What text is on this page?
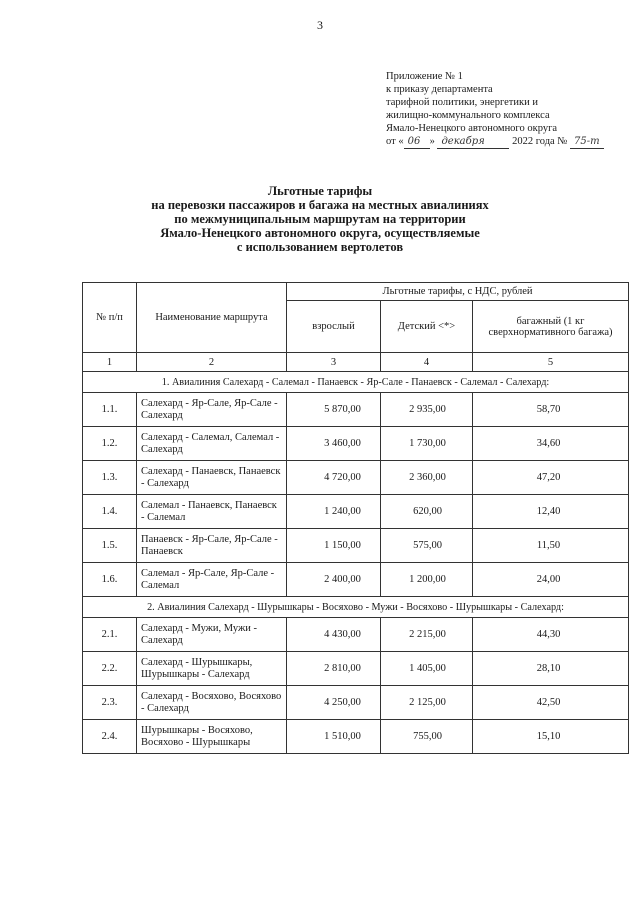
3
Приложение № 1
к приказу департамента
тарифной политики, энергетики и
жилищно-коммунального комплекса
Ямало-Ненецкого автономного округа
от « 06 » декабря	2022 года № 75-т
Льготные тарифы
на перевозки пассажиров и багажа на местных авиалиниях
по межмуниципальным маршрутам на территории
Ямало-Ненецкого автономного округа, осуществляемые
с использованием вертолетов
№ п/п	Наименование маршрута	Льготные тарифы, с НДС, рублей		
		взрослый	Детский <*>	багажный (1 кг сверхнормативного багажа)
1	2	3	4	5
1. Авиалиния Салехард - Салемал - Панаевск - Яр-Сале - Панаевск - Салемал - Салехард:				
1.1.	Салехард - Яр-Сале, Яр-Сале - Салехард	5 870,00	2 935,00	58,70
1.2.	Салехард - Салемал, Салемал - Салехард	3 460,00	1 730,00	34,60
1.3.	Салехард - Панаевск, Панаевск - Салехард	4 720,00	2 360,00	47,20
1.4.	Салемал - Панаевск, Панаевск - Салемал	1 240,00	620,00	12,40
1.5.	Панаевск - Яр-Сале, Яр-Сале - Панаевск	1 150,00	575,00	11,50
1.6.	Салемал - Яр-Сале, Яр-Сале - Салемал	2 400,00	1 200,00	24,00
2. Авиалиния Салехард - Шурышкары - Восяхово - Мужи - Восяхово - Шурышкары - Салехард:				
2.1.	Салехард - Мужи, Мужи - Салехард	4 430,00	2 215,00	44,30
2.2.	Салехард - Шурышкары, Шурышкары - Салехард	2 810,00	1 405,00	28,10
2.3.	Салехард - Восяхово, Восяхово - Салехард	4 250,00	2 125,00	42,50
2.4.	Шурышкары - Восяхово, Восяхово - Шурышкары	1 510,00	755,00	15,10
